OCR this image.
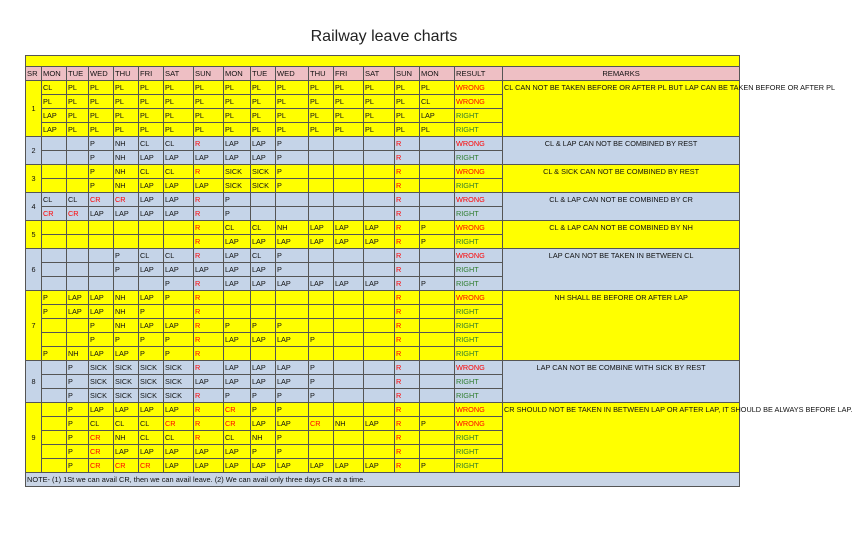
Railway leave charts

SR	MON	TUE	WED	THU	FRI	SAT	SUN	MON	TUE	WED	THU	FRI	SAT	SUN	MON	RESULT	REMARKS
1	CL	PL	PL	PL	PL	PL	PL	PL	PL	PL	PL	PL	PL	PL	PL	WRONG	CL CAN NOT BE TAKEN BEFORE OR AFTER PL BUT LAP CAN BE TAKEN BEFORE OR AFTER PL
	PL	PL	PL	PL	PL	PL	PL	PL	PL	PL	PL	PL	PL	PL	CL	WRONG	
	LAP	PL	PL	PL	PL	PL	PL	PL	PL	PL	PL	PL	PL	PL	LAP	RIGHT	
	LAP	PL	PL	PL	PL	PL	PL	PL	PL	PL	PL	PL	PL	PL	PL	RIGHT	
2			P	NH	CL	CL	R	LAP	LAP	P				R		WRONG	CL & LAP CAN NOT BE COMBINED BY REST
			P	NH	LAP	LAP	LAP	LAP	LAP	P				R		RIGHT	
3			P	NH	CL	CL	R	SICK	SICK	P				R		WRONG	CL & SICK CAN NOT BE COMBINED BY REST
			P	NH	LAP	LAP	LAP	SICK	SICK	P				R		RIGHT	
4	CL	CL	CR	CR	LAP	LAP	R	P						R		WRONG	CL & LAP CAN NOT BE COMBINED BY CR
	CR	CR	LAP	LAP	LAP	LAP	R	P						R		RIGHT	
5							R	CL	CL	NH	LAP	LAP	LAP	R	P	WRONG	CL & LAP CAN NOT BE COMBINED BY NH
							R	LAP	LAP	LAP	LAP	LAP	LAP	R	P	RIGHT	
6				P	CL	CL	R	LAP	CL	P				R		WRONG	LAP CAN NOT BE TAKEN IN BETWEEN CL
				P	LAP	LAP	LAP	LAP	LAP	P				R		RIGHT	
						P	R	LAP	LAP	LAP	LAP	LAP	LAP	R	P	RIGHT	
7	P	LAP	LAP	NH	LAP	P	R							R		WRONG	NH SHALL BE BEFORE OR AFTER LAP
	P	LAP	LAP	NH	P		R							R		RIGHT	
			P	NH	LAP	LAP	R	P	P	P				R		RIGHT	
			P	P	P	P	R	LAP	LAP	LAP	P			R		RIGHT	
	P	NH	LAP	LAP	P	P	R							R		RIGHT	
8		P	SICK	SICK	SICK	SICK	R	LAP	LAP	LAP	P			R		WRONG	LAP CAN NOT BE COMBINE WITH SICK BY REST
		P	SICK	SICK	SICK	SICK	LAP	LAP	LAP	LAP	P			R		RIGHT	
		P	SICK	SICK	SICK	SICK	R	P	P	P	P			R		RIGHT	
9		P	LAP	LAP	LAP	LAP	R	CR	P	P				R		WRONG	CR SHOULD NOT BE TAKEN IN BETWEEN LAP OR AFTER LAP, IT SHOULD BE ALWAYS BEFORE LAP.
		P	CL	CL	CL	CR	R	CR	LAP	LAP	CR	NH	LAP	R	P	WRONG	
		P	CR	NH	CL	CL	R	CL	NH	P				R		RIGHT	
		P	CR	LAP	LAP	LAP	LAP	LAP	P	P				R		RIGHT	
		P	CR	CR	CR	LAP	LAP	LAP	LAP	LAP	LAP	LAP	LAP	R	P	RIGHT	
NOTE- (1) 1St we can avail CR, then we can avail leave. (2) We can avail only three days CR at a time.																	
